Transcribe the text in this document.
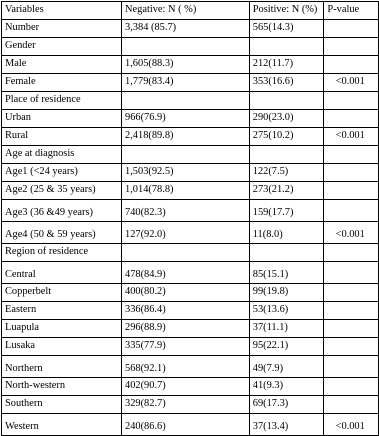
Variables	Negative: N ( %)	Positive: N (%)	P-value
Number	3,384 (85.7)	565(14.3)	
Gender			
Male	1,605(88.3)	212(11.7)	
Female	1,779(83.4)	353(16.6)	<0.001
Place of residence			
Urban	966(76.9)	290(23.0)	
Rural	2,418(89.8)	275(10.2)	<0.001
Age at diagnosis			
Age1 (<24 years)	1,503(92.5)	122(7.5)	
Age2 (25 & 35 years)	1,014(78.8)	273(21.2)	
Age3 (36 &49 years)	740(82.3)	159(17.7)	
Age4 (50 & 59 years)	127(92.0)	11(8.0)	<0.001
Region of residence			
Central	478(84.9)	85(15.1)	
Copperbelt	400(80.2)	99(19.8)	
Eastern	336(86.4)	53(13.6)	
Luapula	296(88.9)	37(11.1)	
Lusaka	335(77.9)	95(22.1)	
Northern	568(92.1)	49(7.9)	
North-western	402(90.7)	41(9.3)	
Southern	329(82.7)	69(17.3)	
Western	240(86.6)	37(13.4)	<0.001
